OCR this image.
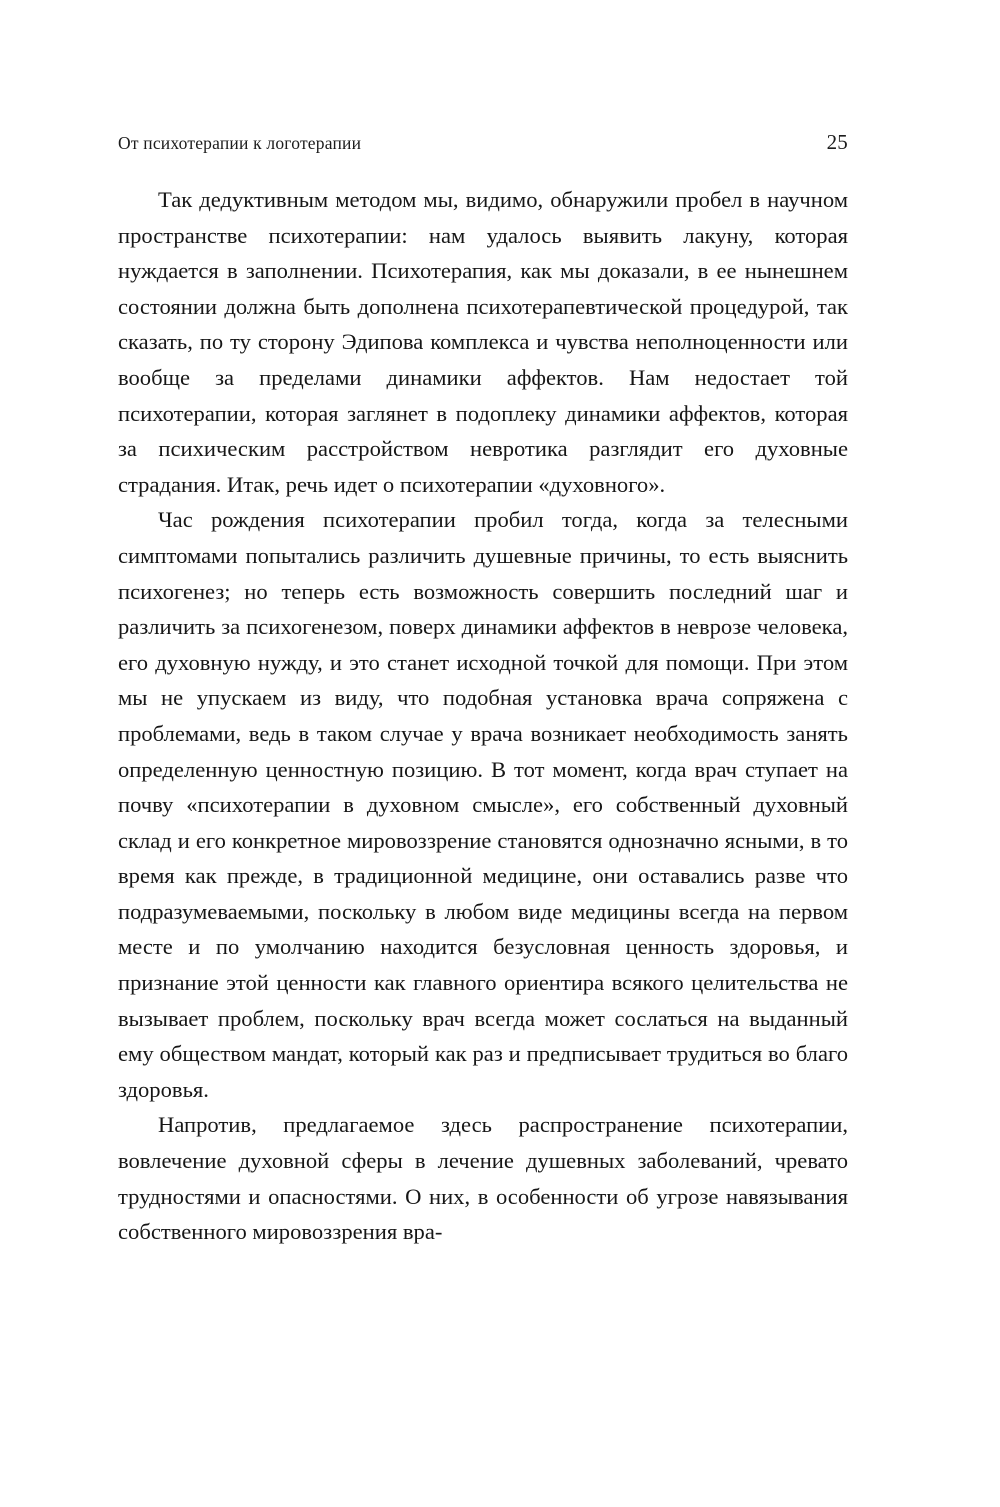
От психотерапии к логотерапии	25

Так дедуктивным методом мы, видимо, обнаружили пробел в научном пространстве психотерапии: нам удалось выявить лакуну, которая нуждается в заполнении. Психотерапия, как мы доказали, в ее нынешнем состоянии должна быть дополнена психотерапевтической процедурой, так сказать, по ту сторону Эдипова комплекса и чувства неполноценности или вообще за пределами динамики аффектов. Нам недостает той психотерапии, которая заглянет в подоплеку динамики аффектов, которая за психическим расстройством невротика разглядит его духовные страдания. Итак, речь идет о психотерапии «духовного».

Час рождения психотерапии пробил тогда, когда за телесными симптомами попытались различить душевные причины, то есть выяснить психогенез; но теперь есть возможность совершить последний шаг и различить за психогенезом, поверх динамики аффектов в неврозе человека, его духовную нужду, и это станет исходной точкой для помощи. При этом мы не упускаем из виду, что подобная установка врача сопряжена с проблемами, ведь в таком случае у врача возникает необходимость занять определенную ценностную позицию. В тот момент, когда врач ступает на почву «психотерапии в духовном смысле», его собственный духовный склад и его конкретное мировоззрение становятся однозначно ясными, в то время как прежде, в традиционной медицине, они оставались разве что подразумеваемыми, поскольку в любом виде медицины всегда на первом месте и по умолчанию находится безусловная ценность здоровья, и признание этой ценности как главного ориентира всякого целительства не вызывает проблем, поскольку врач всегда может сослаться на выданный ему обществом мандат, который как раз и предписывает трудиться во благо здоровья.

Напротив, предлагаемое здесь распространение психотерапии, вовлечение духовной сферы в лечение душевных заболеваний, чревато трудностями и опасностями. О них, в особенности об угрозе навязывания собственного мировоззрения вра-
